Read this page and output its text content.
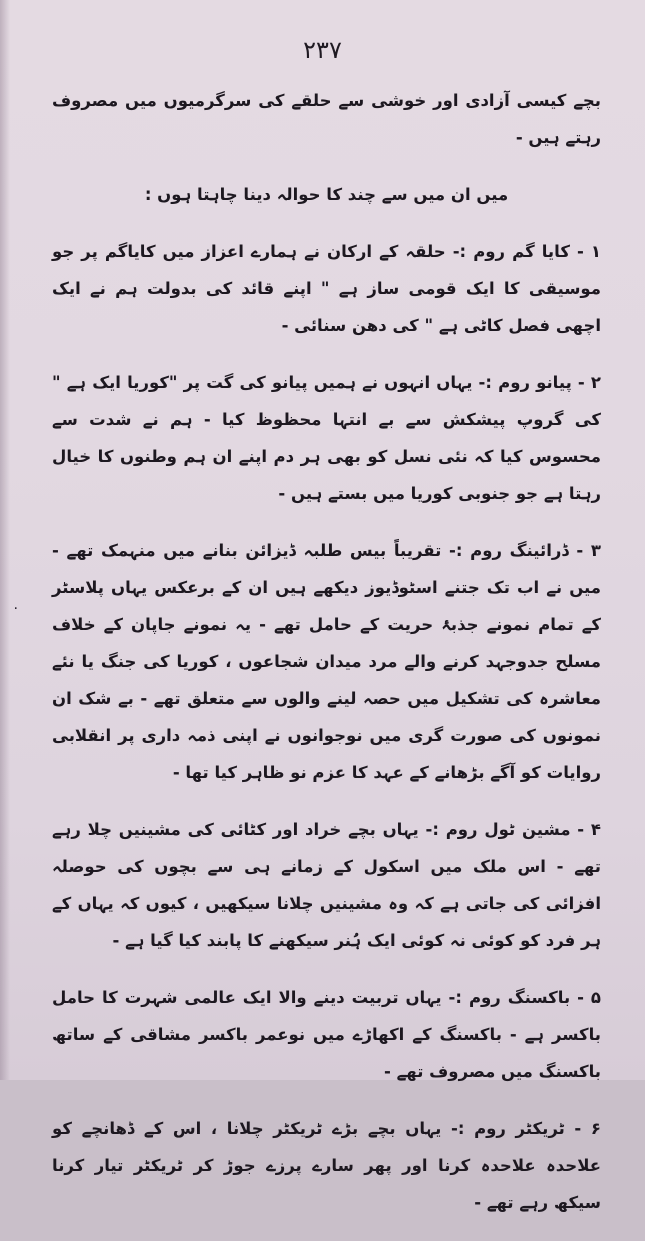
۲۳۷
٠

بچے کیسی آزادی اور خوشی سے حلقے کی سرگرمیوں میں مصروف رہتے ہیں -

میں ان میں سے چند کا حوالہ دینا چاہتا ہوں :

۱ - کایا گم روم :- حلقہ کے ارکان نے ہمارے اعزاز میں کایاگم پر جو موسیقی کا ایک قومی ساز ہے " اپنے قائد کی بدولت ہم نے ایک اچھی فصل کاٹی ہے " کی دھن سنائی -

۲ - پیانو روم :- یہاں انہوں نے ہمیں پیانو کی گت پر "کوریا ایک ہے " کی گروپ پیشکش سے بے انتہا محظوظ کیا - ہم نے شدت سے محسوس کیا کہ نئی نسل کو بھی ہر دم اپنے ان ہم وطنوں کا خیال رہتا ہے جو جنوبی کوریا میں بستے ہیں -

۳ - ڈرائینگ روم :- تقریباً بیس طلبہ ڈیزائن بنانے میں منہمک تھے - میں نے اب تک جتنے اسٹوڈیوز دیکھے ہیں ان کے برعکس یہاں پلاسٹر کے تمام نمونے جذبۂ حریت کے حامل تھے - یہ نمونے جاپان کے خلاف مسلح جدوجہد کرنے والے مرد میدان شجاعوں ، کوریا کی جنگ یا نئے معاشرہ کی تشکیل میں حصہ لینے والوں سے متعلق تھے - بے شک ان نمونوں کی صورت گری میں نوجوانوں نے اپنی ذمہ داری پر انقلابی روایات کو آگے بڑھانے کے عہد کا عزم نو ظاہر کیا تھا -

۴ - مشین ٹول روم :- یہاں بچے خراد اور کٹائی کی مشینیں چلا رہے تھے - اس ملک میں اسکول کے زمانے ہی سے بچوں کی حوصلہ افزائی کی جاتی ہے کہ وہ مشینیں چلانا سیکھیں ، کیوں کہ یہاں کے ہر فرد کو کوئی نہ کوئی ایک ہُنر سیکھنے کا پابند کیا گیا ہے -

۵ - باکسنگ روم :- یہاں تربیت دینے والا ایک عالمی شہرت کا حامل باکسر ہے - باکسنگ کے اکھاڑے میں نوعمر باکسر مشاقی کے ساتھ باکسنگ میں مصروف تھے -

۶ - ٹریکٹر روم :- یہاں بچے بڑے ٹریکٹر چلانا ، اس کے ڈھانچے کو علاحدہ علاحدہ کرنا اور پھر سارے پرزے جوڑ کر ٹریکٹر تیار کرنا سیکھ رہے تھے -
